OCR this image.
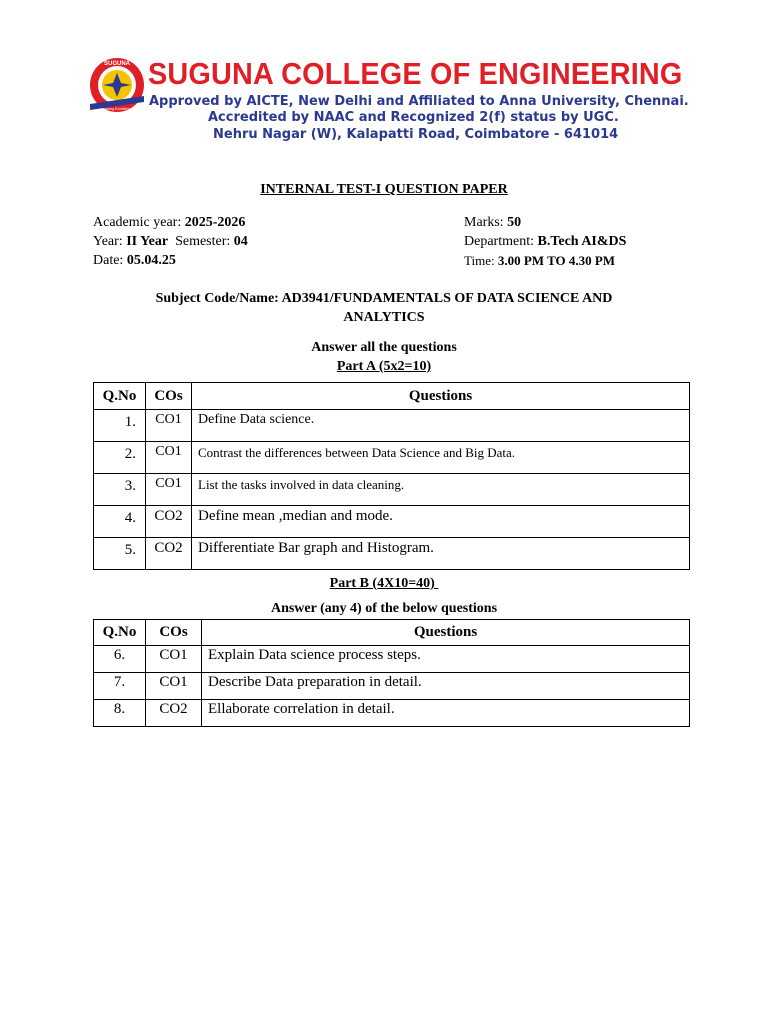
SUGUNA
Sharing Excellence
SUGUNA COLLEGE OF ENGINEERING
Approved by AICTE, New Delhi and Affiliated to Anna University, Chennai.
Accredited by NAAC and Recognized 2(f) status by UGC.
Nehru Nagar (W), Kalapatti Road, Coimbatore - 641014
INTERNAL TEST-I QUESTION PAPER
Academic year: 2025-2026
Year: II Year  Semester: 04
Date: 05.04.25
Marks: 50
Department: B.Tech AI&DS
Time: 3.00 PM TO 4.30 PM
Subject Code/Name: AD3941/FUNDAMENTALS OF DATA SCIENCE AND
ANALYTICS
Answer all the questions
Part A (5x2=10)
Q.No	COs	Questions
1.	CO1	Define Data science.
2.	CO1	Contrast the differences between Data Science and Big Data.
3.	CO1	List the tasks involved in data cleaning.
4.	CO2	Define mean ,median and mode.
5.	CO2	Differentiate Bar graph and Histogram.
Part B (4X10=40)
Answer (any 4) of the below questions
Q.No	COs	Questions
6.	CO1	Explain Data science process steps.
7.	CO1	Describe Data preparation in detail.
8.	CO2	Ellaborate correlation in detail.
